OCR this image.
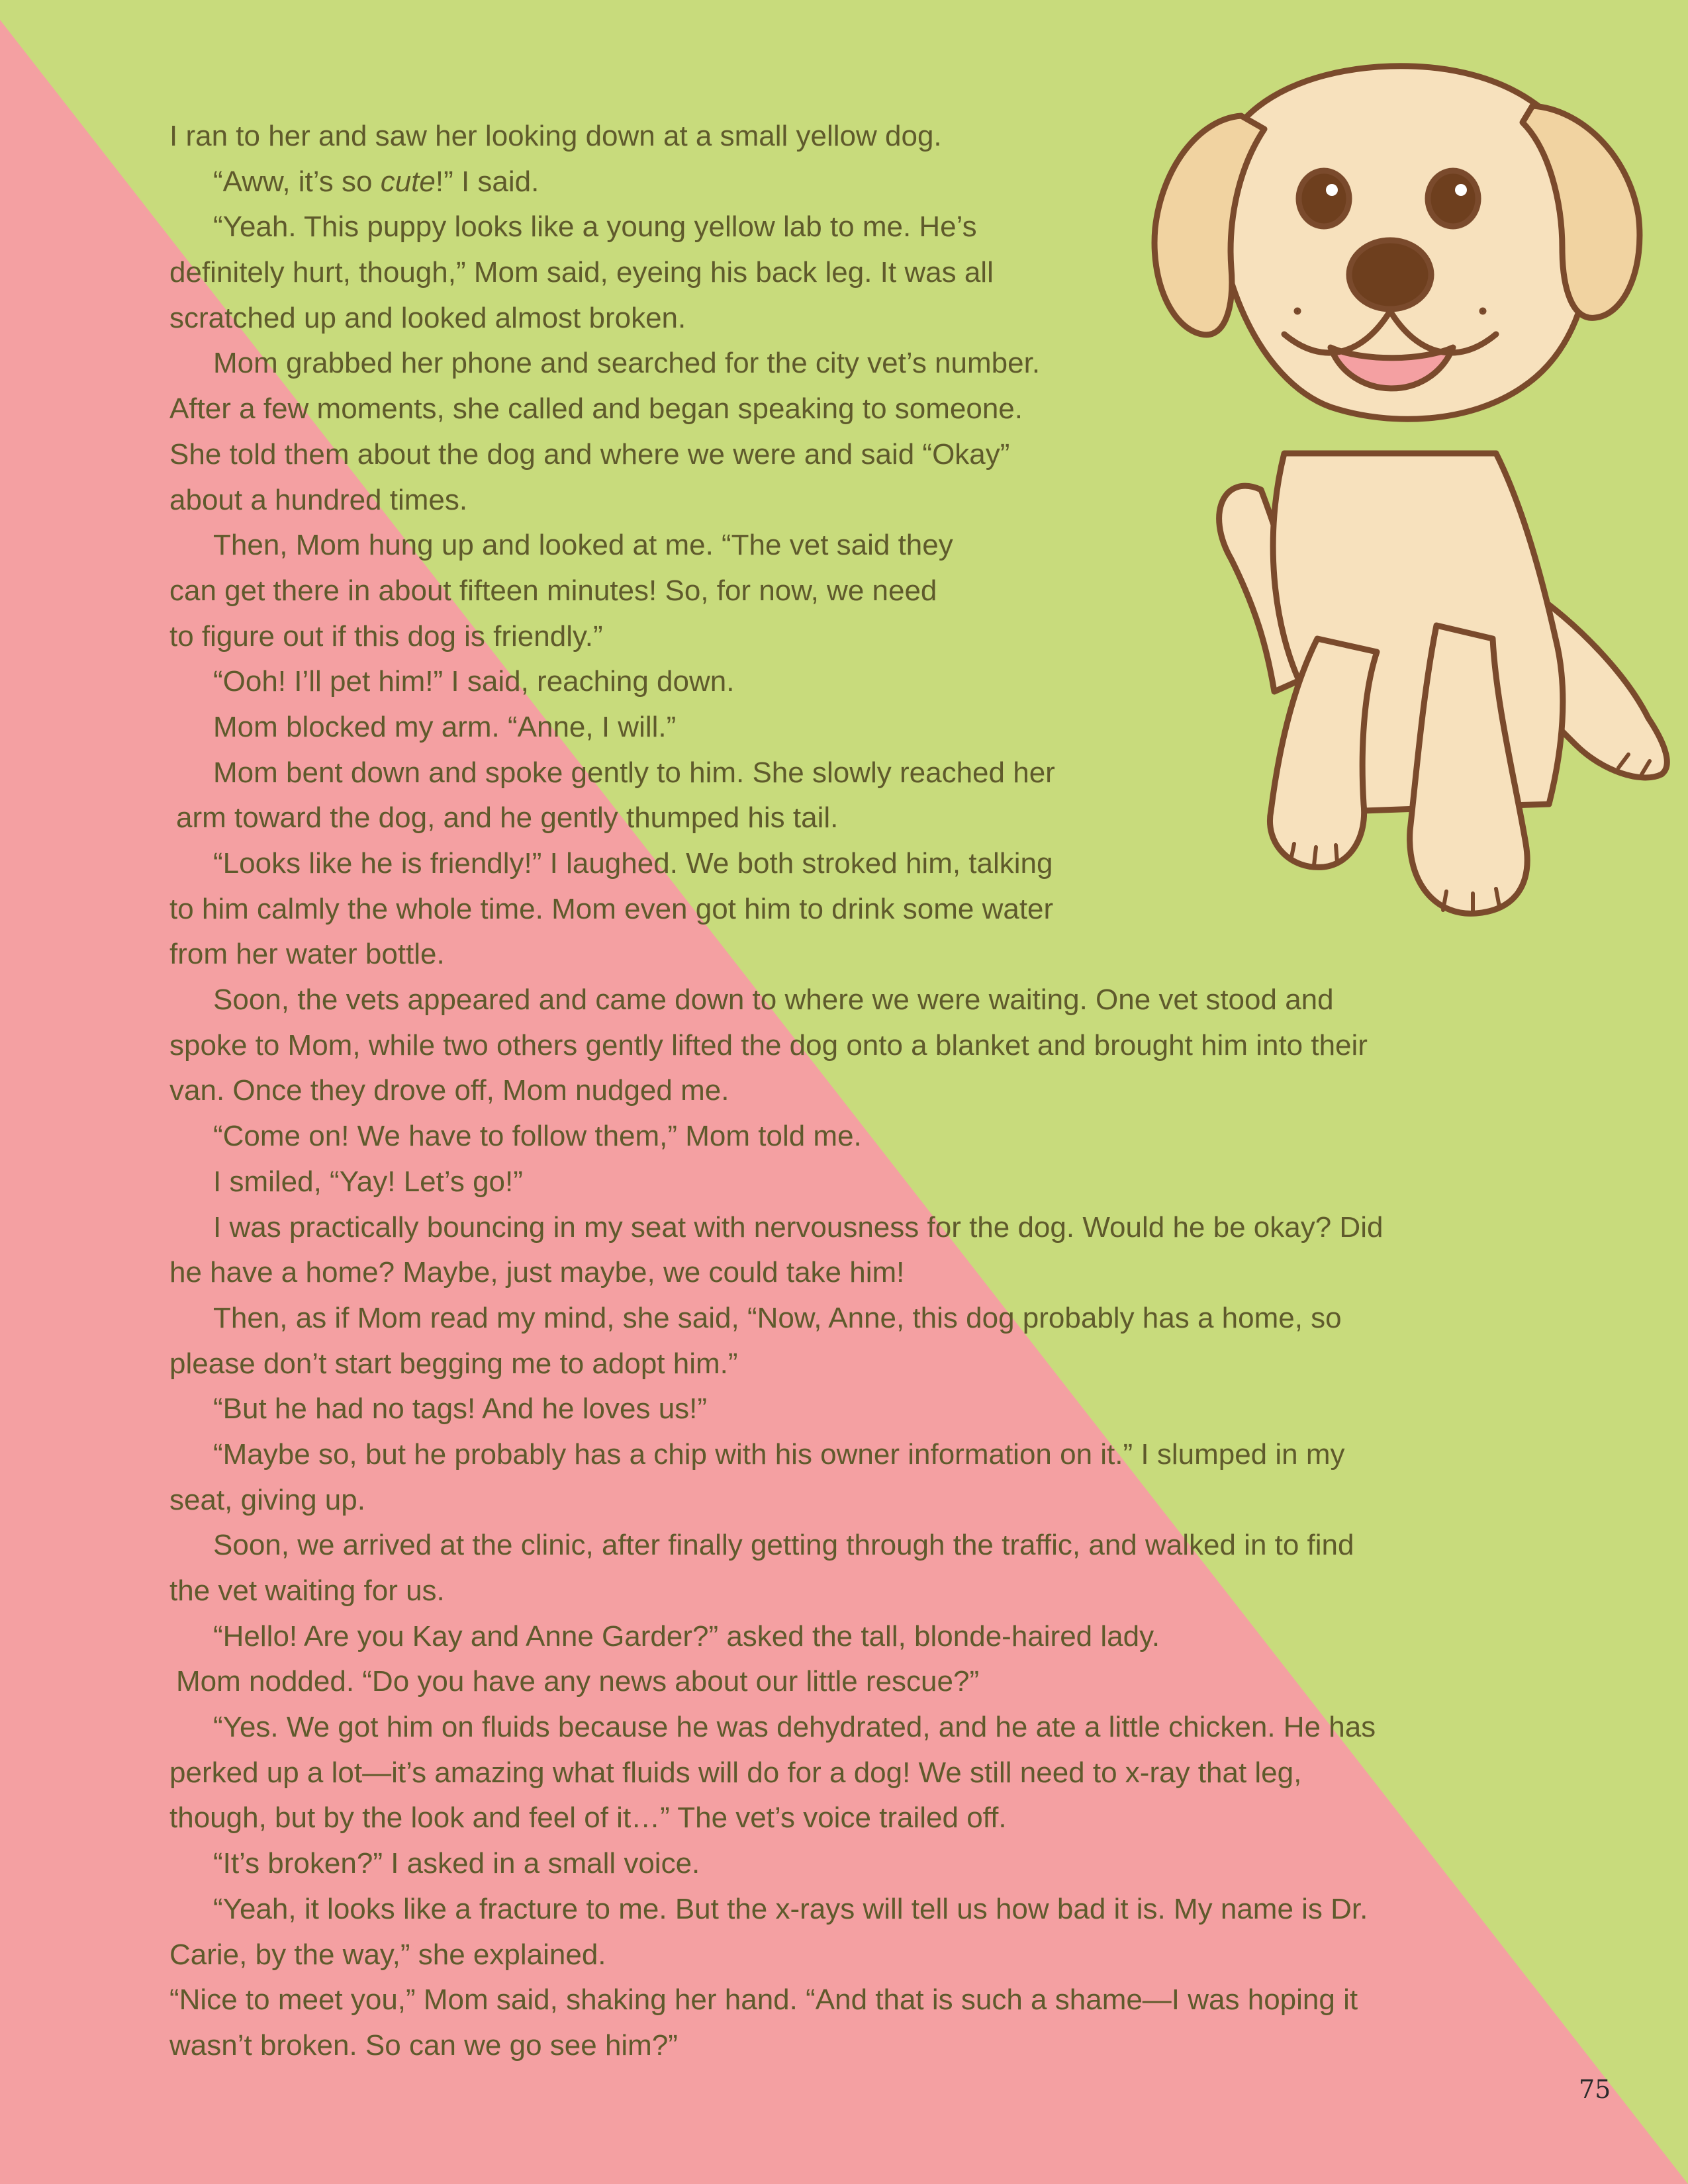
I ran to her and saw her looking down at a small yellow dog.
“Aww, it’s so cute!” I said.
“Yeah. This puppy looks like a young yellow lab to me. He’s
definitely hurt, though,” Mom said, eyeing his back leg. It was all
scratched up and looked almost broken.
Mom grabbed her phone and searched for the city vet’s number.
After a few moments, she called and began speaking to someone.
She told them about the dog and where we were and said “Okay”
about a hundred times.
Then, Mom hung up and looked at me. “The vet said they
can get there in about fifteen minutes! So, for now, we need
to figure out if this dog is friendly.”
“Ooh! I’ll pet him!” I said, reaching down.
Mom blocked my arm. “Anne, I will.”
Mom bent down and spoke gently to him. She slowly reached her
arm toward the dog, and he gently thumped his tail.
“Looks like he is friendly!” I laughed. We both stroked him, talking
to him calmly the whole time. Mom even got him to drink some water
from her water bottle.
Soon, the vets appeared and came down to where we were waiting. One vet stood and
spoke to Mom, while two others gently lifted the dog onto a blanket and brought him into their
van. Once they drove off, Mom nudged me.
“Come on! We have to follow them,” Mom told me.
I smiled, “Yay! Let’s go!”
I was practically bouncing in my seat with nervousness for the dog. Would he be okay? Did
he have a home? Maybe, just maybe, we could take him!
Then, as if Mom read my mind, she said, “Now, Anne, this dog probably has a home, so
please don’t start begging me to adopt him.”
“But he had no tags! And he loves us!”
“Maybe so, but he probably has a chip with his owner information on it.” I slumped in my
seat, giving up.
Soon, we arrived at the clinic, after finally getting through the traffic, and walked in to find
the vet waiting for us.
“Hello! Are you Kay and Anne Garder?” asked the tall, blonde-haired lady.
Mom nodded. “Do you have any news about our little rescue?”
“Yes. We got him on fluids because he was dehydrated, and he ate a little chicken. He has
perked up a lot—it’s amazing what fluids will do for a dog! We still need to x-ray that leg,
though, but by the look and feel of it…” The vet’s voice trailed off.
“It’s broken?” I asked in a small voice.
“Yeah, it looks like a fracture to me. But the x-rays will tell us how bad it is. My name is Dr.
Carie, by the way,” she explained.
“Nice to meet you,” Mom said, shaking her hand. “And that is such a shame—I was hoping it
wasn’t broken. So can we go see him?”
75
